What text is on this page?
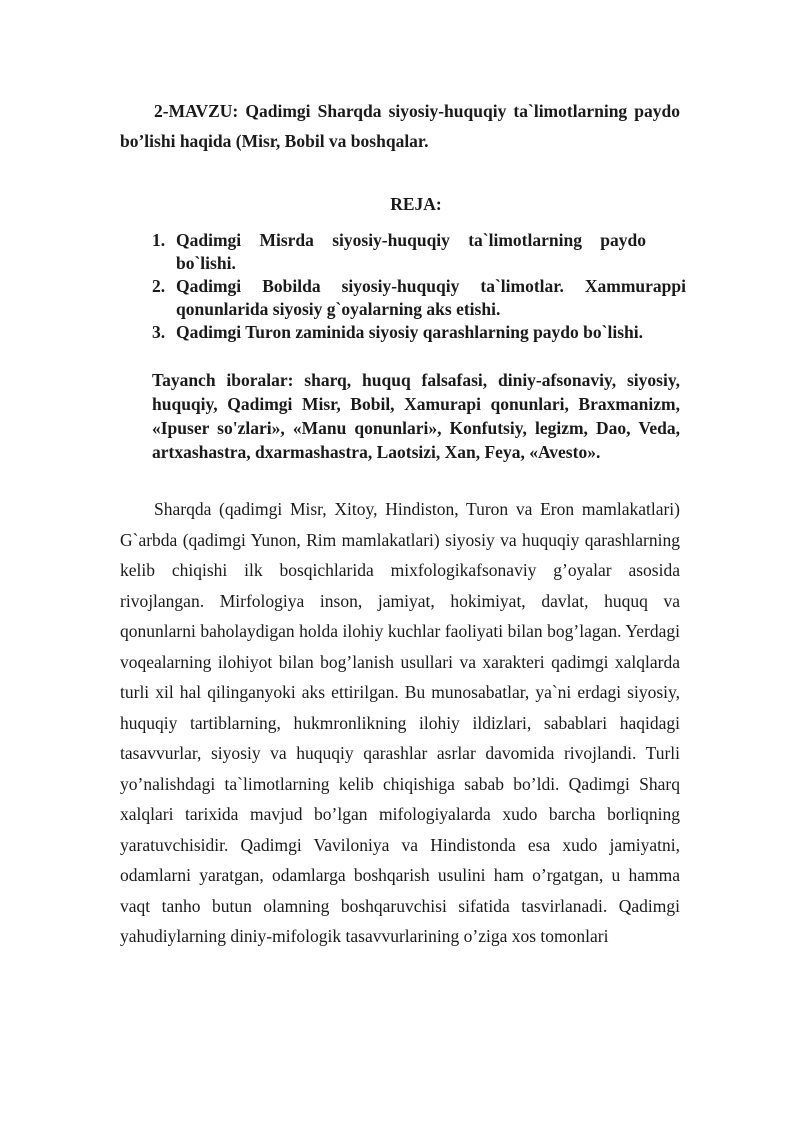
2-MAVZU: Qadimgi Sharqda siyosiy-huquqiy ta`limotlarning paydo bo’lishi haqida (Misr, Bobil va boshqalar.
REJA:
1. Qadimgi Misrda siyosiy-huquqiy ta`limotlarning paydo bo`lishi.
2. Qadimgi Bobilda siyosiy-huquqiy ta`limotlar. Xammurappi qonunlarida siyosiy g`oyalarning aks etishi.
3. Qadimgi Turon zaminida siyosiy qarashlarning paydo bo`lishi.
Tayanch iboralar: sharq, huquq falsafasi, diniy-afsonaviy, siyosiy, huquqiy, Qadimgi Misr, Bobil, Xamurapi qonunlari, Braxmanizm, «Ipuser so'zlari», «Manu qonunlari», Konfutsiy, legizm, Dao, Veda, artxashastra, dxarmashastra, Laotsizi, Xan, Feya, «Avesto».
Sharqda (qadimgi Misr, Xitoy, Hindiston, Turon va Eron mamlakatlari) G`arbda (qadimgi Yunon, Rim mamlakatlari) siyosiy va huquqiy qarashlarning kelib chiqishi ilk bosqichlarida mixfologikafsonaviy g’oyalar asosida rivojlangan. Mirfologiya inson, jamiyat, hokimiyat, davlat, huquq va qonunlarni baholaydigan holda ilohiy kuchlar faoliyati bilan bog’lagan. Yerdagi voqealarning ilohiyot bilan bog’lanish usullari va xarakteri qadimgi xalqlarda turli xil hal qilinganyoki aks ettirilgan. Bu munosabatlar, ya`ni erdagi siyosiy, huquqiy tartiblarning, hukmronlikning ilohiy ildizlari, sabablari haqidagi tasavvurlar, siyosiy va huquqiy qarashlar asrlar davomida rivojlandi. Turli yo’nalishdagi ta`limotlarning kelib chiqishiga sabab bo’ldi. Qadimgi Sharq xalqlari tarixida mavjud bo’lgan mifologiyalarda xudo barcha borliqning yaratuvchisidir. Qadimgi Vaviloniya va Hindistonda esa xudo jamiyatni, odamlarni yaratgan, odamlarga boshqarish usulini ham o’rgatgan, u hamma vaqt tanho butun olamning boshqaruvchisi sifatida tasvirlanadi. Qadimgi yahudiylarning diniy-mifologik tasavvurlarining o’ziga xos tomonlari
